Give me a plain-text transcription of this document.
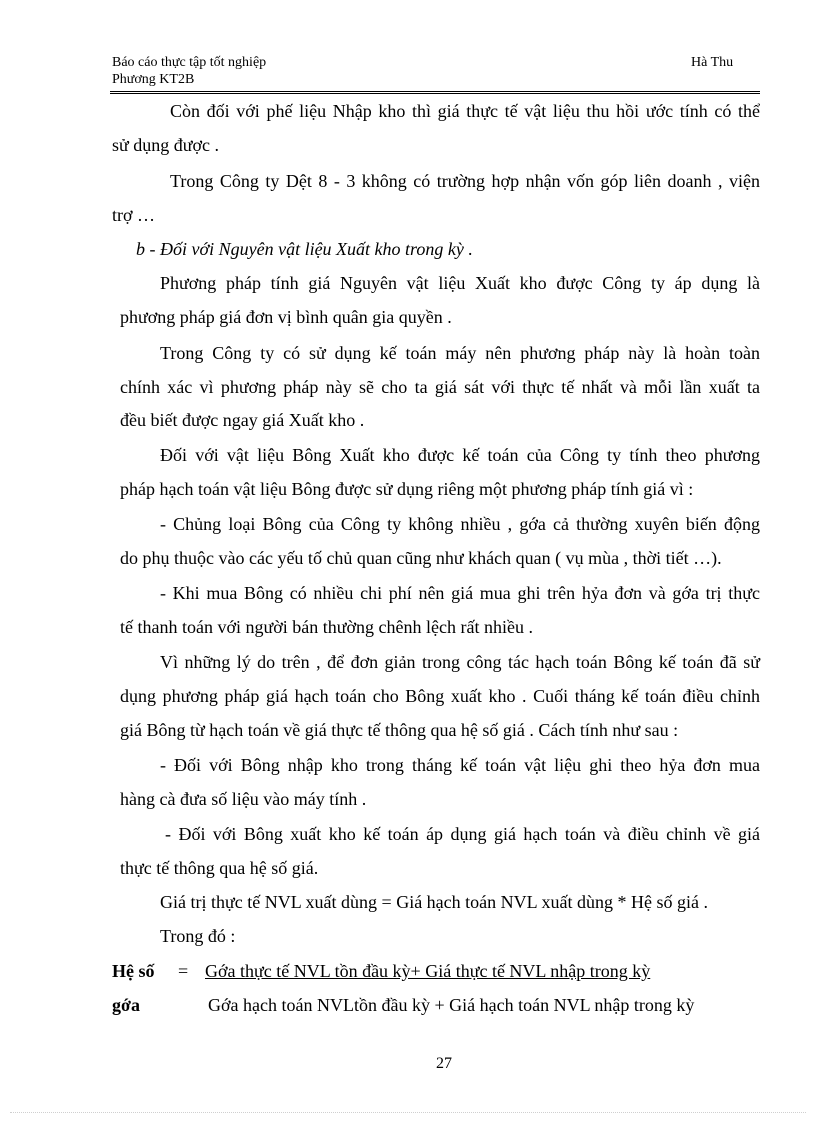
Báo cáo thực tập tốt nghiệp
Phương KT2B
Hà Thu
Còn đối với phế liệu Nhập kho thì giá thực tế vật liệu thu hồi ước tính có thể
sử dụng được .
Trong Công ty Dệt 8 - 3 không có trường hợp nhận vốn góp liên doanh , viện
trợ …
b - Đối với Nguyên vật liệu Xuất kho trong kỳ .
Phương pháp tính giá Nguyên vật liệu Xuất kho được Công ty áp dụng là
phương pháp giá đơn vị bình quân gia quyền .
Trong Công ty có sử dụng kế toán máy nên phương pháp này là hoàn toàn
chính xác vì phương pháp này sẽ cho ta giá sát với thực tế nhất và mỗi lần xuất ta
đều biết được ngay giá Xuất kho .
Đối với vật liệu Bông Xuất kho được kế toán của Công ty tính theo phương
pháp hạch toán vật liệu Bông được sử dụng riêng một phương pháp tính giá vì :
- Chủng loại Bông của Công ty không nhiều , gớa cả thường xuyên biến động
do phụ thuộc vào các yếu tố chủ quan cũng như khách quan ( vụ mùa , thời tiết …).
- Khi mua Bông có nhiều chi phí nên giá mua ghi trên hỷa đơn và gớa trị thực
tế thanh toán với người bán thường chênh lệch rất nhiều .
Vì những lý do trên , để đơn giản trong công tác hạch toán Bông kế toán đã sử
dụng phương pháp giá hạch toán cho Bông xuất kho . Cuối tháng kế toán điều chỉnh
giá Bông từ hạch toán về giá thực tế thông qua hệ số giá . Cách tính như sau :
- Đối với Bông nhập kho trong tháng kế toán vật liệu ghi theo hỷa đơn mua
hàng cà đưa số liệu vào máy tính .
- Đối với Bông xuất kho kế toán áp dụng giá hạch toán và điều chỉnh về giá
thực tế thông qua hệ số giá.
Giá trị thực tế NVL xuất dùng = Giá hạch toán NVL xuất dùng * Hệ số giá .
Trong đó :
Hệ số = Gớa thực tế NVL tồn đầu kỳ+ Giá thực tế NVL nhập trong kỳ
gớa	Gớa hạch toán NVLtồn đầu kỳ + Giá hạch toán NVL nhập trong kỳ
27
